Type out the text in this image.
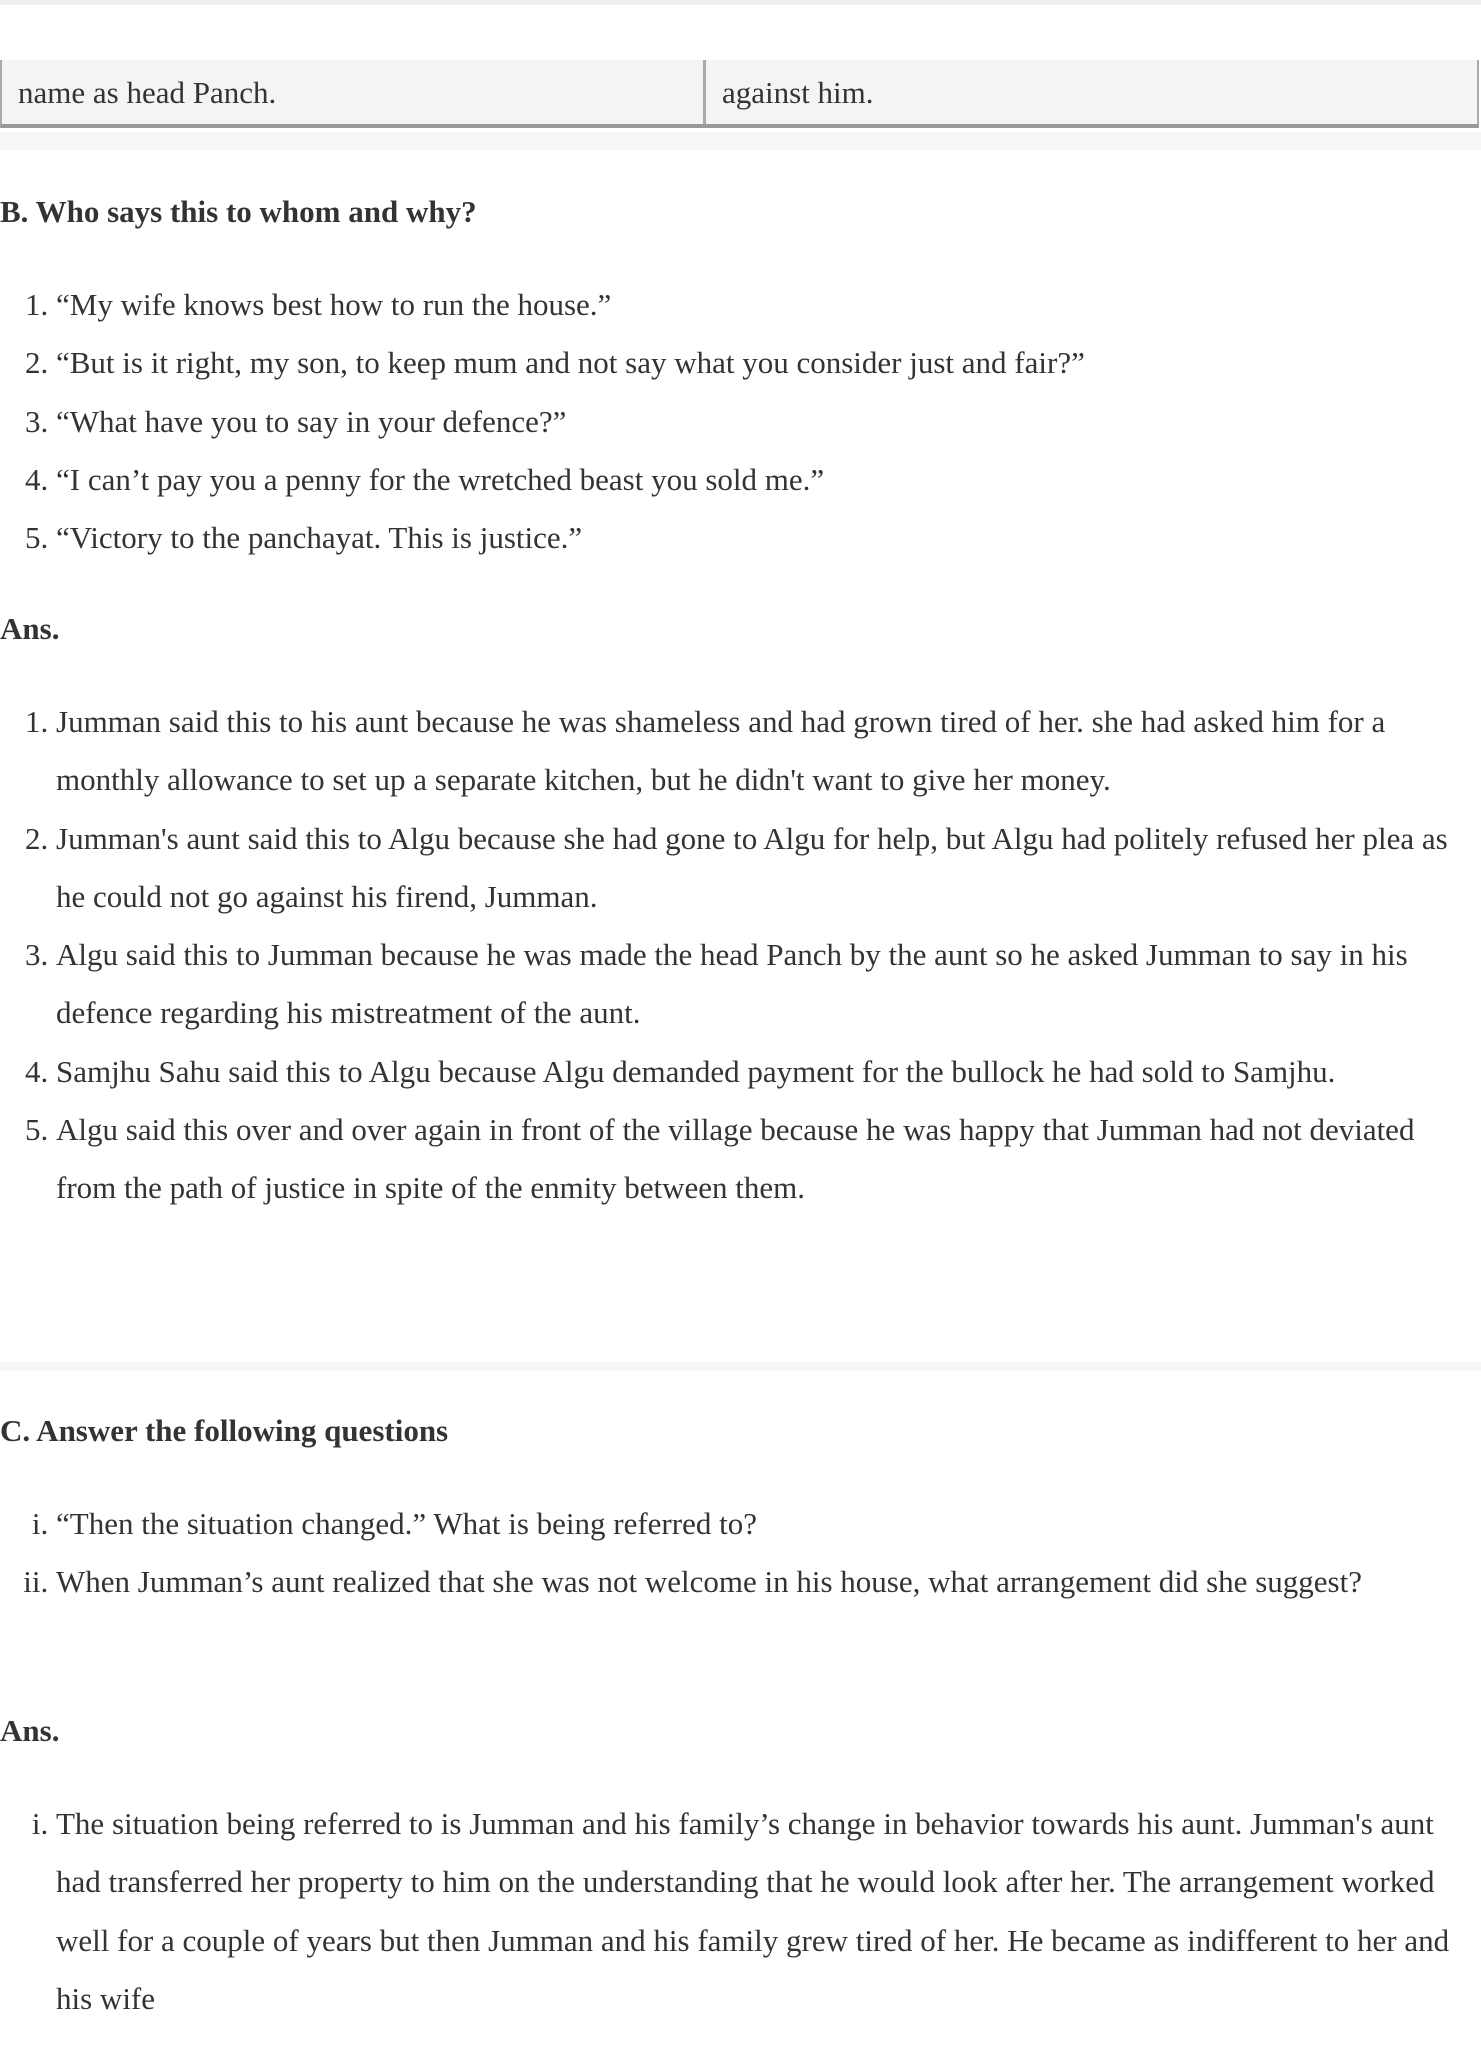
name as head Panch.	against him.
B. Who says this to whom and why?
1. “My wife knows best how to run the house.”
2. “But is it right, my son, to keep mum and not say what you consider just and fair?”
3. “What have you to say in your defence?”
4. “I can’t pay you a penny for the wretched beast you sold me.”
5. “Victory to the panchayat. This is justice.”
Ans.
1. Jumman said this to his aunt because he was shameless and had grown tired of her. she had asked him for a monthly allowance to set up a separate kitchen, but he didn't want to give her money.
2. Jumman's aunt said this to Algu because she had gone to Algu for help, but Algu had politely refused her plea as he could not go against his firend, Jumman.
3. Algu said this to Jumman because he was made the head Panch by the aunt so he asked Jumman to say in his defence regarding his mistreatment of the aunt.
4. Samjhu Sahu said this to Algu because Algu demanded payment for the bullock he had sold to Samjhu.
5. Algu said this over and over again in front of the village because he was happy that Jumman had not deviated from the path of justice in spite of the enmity between them.
C. Answer the following questions
i. “Then the situation changed.” What is being referred to?
ii. When Jumman’s aunt realized that she was not welcome in his house, what arrangement did she suggest?
Ans.
i. The situation being referred to is Jumman and his family’s change in behavior towards his aunt. Jumman's aunt had transferred her property to him on the understanding that he would look after her. The arrangement worked well for a couple of years but then Jumman and his family grew tired of her. He became as indifferent to her and his wife
